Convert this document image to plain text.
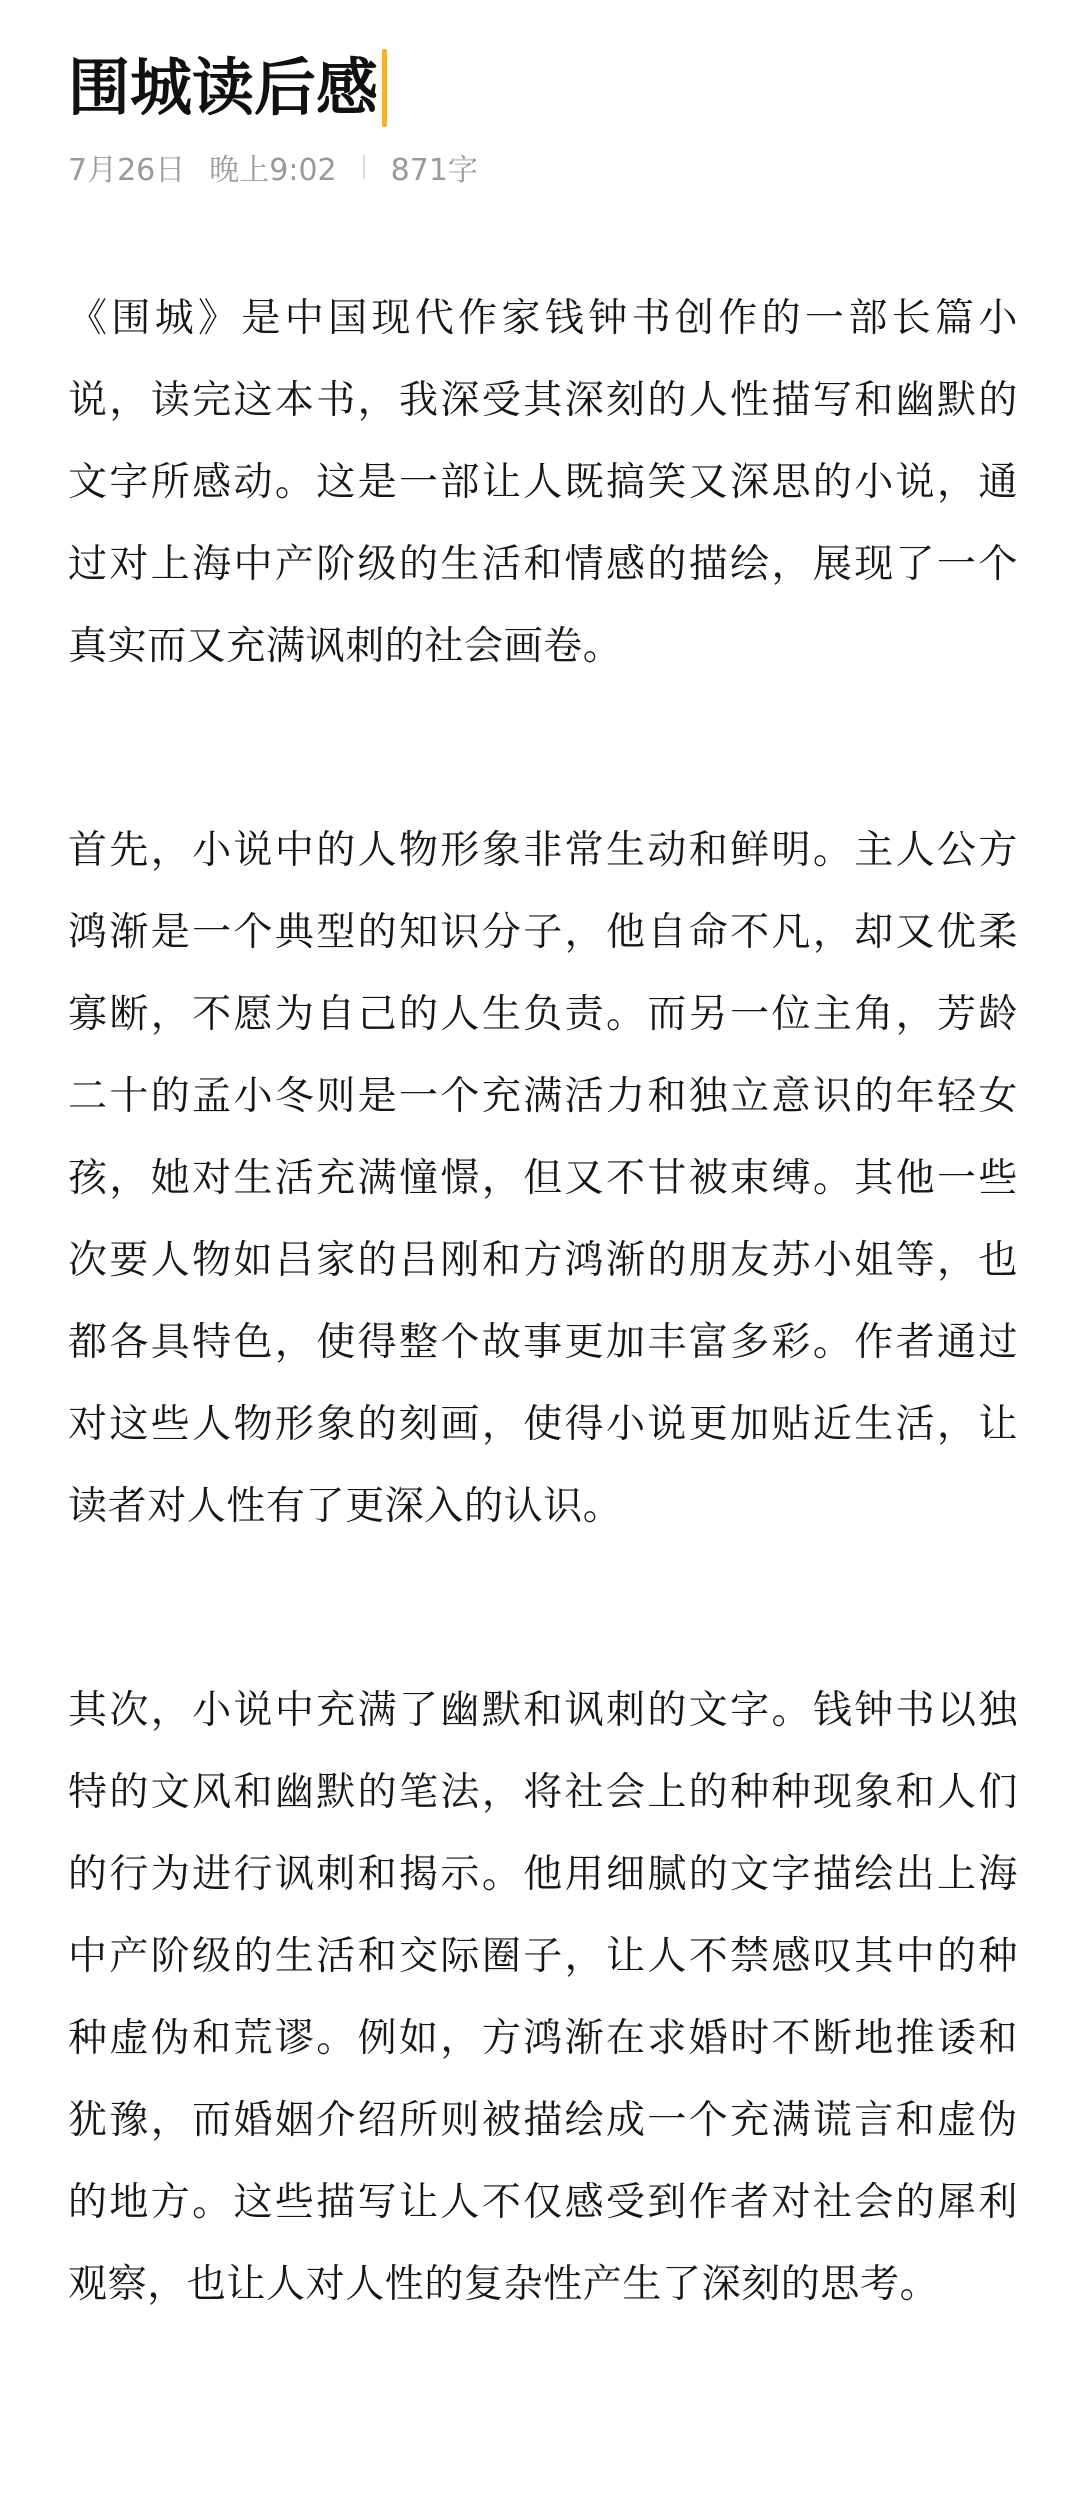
围城读后感
7月26日 晚上9:02 871字

《围城》是中国现代作家钱钟书创作的一部长篇小说，读完这本书，我深受其深刻的人性描写和幽默的文字所感动。这是一部让人既搞笑又深思的小说，通过对上海中产阶级的生活和情感的描绘，展现了一个真实而又充满讽刺的社会画卷。

首先，小说中的人物形象非常生动和鲜明。主人公方鸿渐是一个典型的知识分子，他自命不凡，却又优柔寡断，不愿为自己的人生负责。而另一位主角，芳龄二十的孟小冬则是一个充满活力和独立意识的年轻女孩，她对生活充满憧憬，但又不甘被束缚。其他一些次要人物如吕家的吕刚和方鸿渐的朋友苏小姐等，也都各具特色，使得整个故事更加丰富多彩。作者通过对这些人物形象的刻画，使得小说更加贴近生活，让读者对人性有了更深入的认识。

其次，小说中充满了幽默和讽刺的文字。钱钟书以独特的文风和幽默的笔法，将社会上的种种现象和人们的行为进行讽刺和揭示。他用细腻的文字描绘出上海中产阶级的生活和交际圈子，让人不禁感叹其中的种种虚伪和荒谬。例如，方鸿渐在求婚时不断地推诿和犹豫，而婚姻介绍所则被描绘成一个充满谎言和虚伪的地方。这些描写让人不仅感受到作者对社会的犀利观察，也让人对人性的复杂性产生了深刻的思考。
